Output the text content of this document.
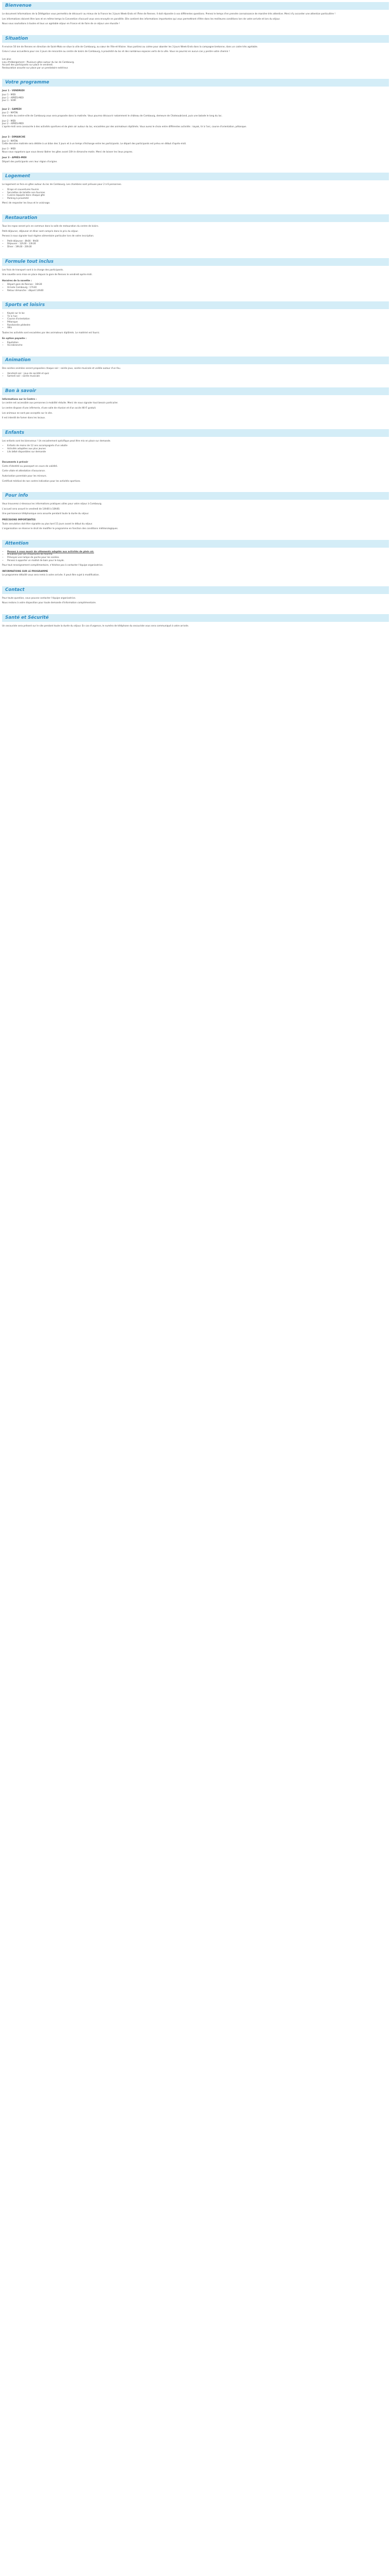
Bienvenue

Le document Informations de la Délégation vous permettra de découvrir au mieux de la France les 3 Jours Week-Ends et l'Âme de Rennes. Il doit répondre à vos différentes questions. Prenez le temps d'en prendre connaissance de manière très attentive. Merci d'y accorder une attention particulière !

Les informations doivent être lues et en même temps la Convention d'accueil vous sera envoyée en parallèle. Elle contient des informations importantes qui vous permettront d'être dans les meilleures conditions lors de votre arrivée et lors du séjour.

Nous vous souhaitons à toutes et tous un agréable séjour en France et de faire de ce séjour une réussite !

Situation

À environ 50 km de Rennes en direction de Saint-Malo se situe la ville de Combourg, au cœur de l'Ille-et-Vilaine. Vous partirez au calme pour aborder les 3 Jours Week-Ends dans la campagne bretonne, dans un cadre très agréable.

Celui-ci vous accueillera pour ces 3 jours de rencontre au centre de loisirs de Combourg, à proximité du lac et des nombreux espaces verts de la ville. Vous ne pourrez en aucun cas y perdre votre chemin !

Les plus

Lieu d'hébergement : Plusieurs gîtes autour du lac de Combourg.

Accueil des participants sur place le vendredi.

Restauration assurée sur place par un prestataire extérieur.

Votre programme

Jour 1 - VENDREDI

Jour 1 - MIDI

Jour 1 - APRÈS-MIDI

Jour 1 - SOIR

Jour 2 - SAMEDI

Jour 2 - MATIN

Une visite du centre-ville de Combourg vous sera proposée dans la matinée. Vous pourrez découvrir notamment le château de Combourg, demeure de Chateaubriand, puis une balade le long du lac.

Jour 2 - MIDI

Jour 2 - APRÈS-MIDI

L'après-midi sera consacrée à des activités sportives et de plein air autour du lac, encadrées par des animateurs diplômés. Vous aurez le choix entre différentes activités : kayak, tir à l'arc, course d'orientation, pétanque.

Jour 3 - DIMANCHE

Jour 3 - MATIN

Cette dernière matinée sera dédiée à un bilan des 3 jours et à un temps d'échange entre les participants. Le départ des participants est prévu en début d'après-midi.

Jour 3 - MIDI

Nous vous rappelons que vous devez libérer les gîtes avant 10h le dimanche matin. Merci de laisser les lieux propres.

Jour 3 - APRÈS-MIDI

Départ des participants vers leur région d'origine.

Logement

Le logement se fera en gîtes autour du lac de Combourg. Les chambres sont prévues pour 2 à 6 personnes.

• Draps et couvertures fournis
• Serviettes de toilette non fournies
• Cuisine équipée dans chaque gîte
• Parking à proximité

Merci de respecter les lieux et le voisinage.

Restauration

Tous les repas seront pris en commun dans la salle de restauration du centre de loisirs.

Petit-déjeuner, déjeuner et dîner sont compris dans le prix du séjour.

Pensez à nous signaler tout régime alimentaire particulier lors de votre inscription.

• Petit-déjeuner : 8h00 - 9h00
• Déjeuner : 12h30 - 13h30
• Dîner : 19h30 - 20h30
Formule tout inclus

Les frais de transport sont à la charge des participants.

Une navette sera mise en place depuis la gare de Rennes le vendredi après-midi.

Horaires de la navette :

• Départ gare de Rennes : 16h30
• Arrivée Combourg : 17h30
• Retour dimanche : départ 14h00
Sports et loisirs
• Kayak sur le lac
• Tir à l'arc
• Course d'orientation
• Pétanque
• Randonnée pédestre
• Vélo

Toutes les activités sont encadrées par des animateurs diplômés. Le matériel est fourni.

En option payante :

• Équitation
• Accrobranche
Animation

Des soirées animées seront proposées chaque soir : soirée jeux, soirée musicale et veillée autour d'un feu.

• Vendredi soir : jeux de société et quiz
• Samedi soir : soirée musicale
Bon à savoir

Informations sur le Centre :

Le centre est accessible aux personnes à mobilité réduite. Merci de nous signaler tout besoin particulier.

Le centre dispose d'une infirmerie, d'une salle de réunion et d'un accès Wi-Fi gratuit.

Les animaux ne sont pas acceptés sur le site.

Il est interdit de fumer dans les locaux.

Enfants

Les enfants sont les bienvenus ! Un encadrement spécifique peut être mis en place sur demande.

• Enfants de moins de 12 ans accompagnés d'un adulte
• Activités adaptées aux plus jeunes
• Lits bébé disponibles sur demande

Documents à prévoir

Carte d'identité ou passeport en cours de validité.

Carte vitale et attestation d'assurance.

Autorisation parentale pour les mineurs.

Certificat médical de non contre-indication pour les activités sportives.

Pour info

Vous trouverez ci-dessous les informations pratiques utiles pour votre séjour à Combourg.

L'accueil sera assuré le vendredi de 14h00 à 18h00.

Une permanence téléphonique sera assurée pendant toute la durée du séjour.

PRÉCISIONS IMPORTANTES

Toute annulation doit être signalée au plus tard 15 jours avant le début du séjour.

L'organisation se réserve le droit de modifier le programme en fonction des conditions météorologiques.

Attention
• Pensez à vous munir de vêtements adaptés aux activités de plein air.
• N'oubliez pas vos chaussures de marche.
• Prévoyez une lampe de poche pour les soirées.
• Pensez à apporter un maillot de bain pour le kayak.

Pour tout renseignement complémentaire, n'hésitez pas à contacter l'équipe organisatrice.

INFORMATIONS SUR LE PROGRAMME

Le programme détaillé vous sera remis à votre arrivée. Il peut être sujet à modification.

Contact

Pour toute question, vous pouvez contacter l'équipe organisatrice.

Nous restons à votre disposition pour toute demande d'information complémentaire.

Santé et Sécurité

Un secouriste sera présent sur le site pendant toute la durée du séjour. En cas d'urgence, le numéro de téléphone du secouriste vous sera communiqué à votre arrivée.
